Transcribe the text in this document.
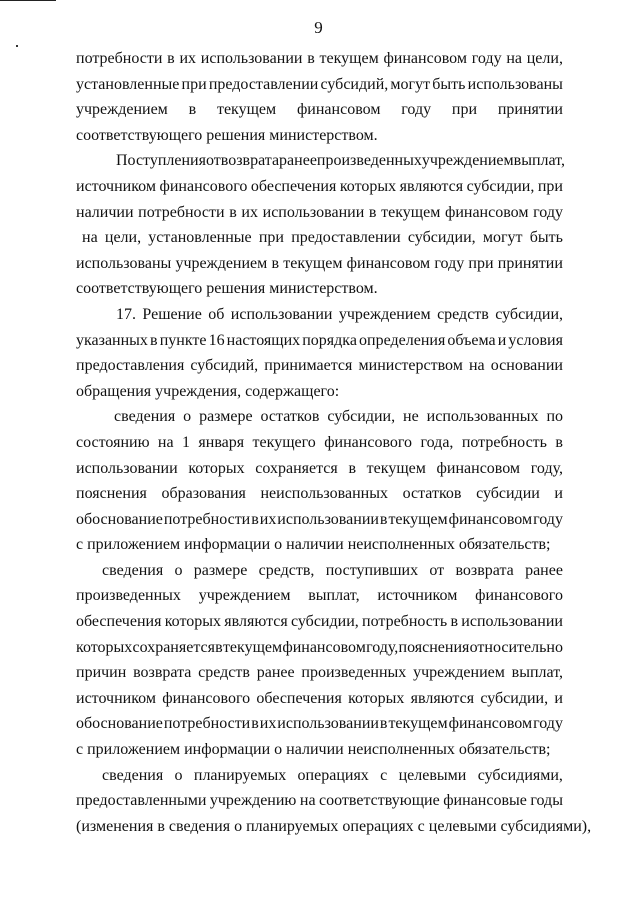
9
потребности в их использовании в текущем финансовом году на цели,
установленные при предоставлении субсидий, могут быть использованы
учреждением в текущем финансовом году при принятии
соответствующего решения министерством.
Поступления от возврата ранее произведенных учреждением выплат,
источником финансового обеспечения которых являются субсидии, при
наличии потребности в их использовании в текущем финансовом году
на цели, установленные при предоставлении субсидии, могут быть
использованы учреждением в текущем финансовом году при принятии
соответствующего решения министерством.
17. Решение об использовании учреждением средств субсидии,
указанных в пункте 16 настоящих порядка определения объема и условия
предоставления субсидий, принимается министерством на основании
обращения учреждения, содержащего:
сведения о размере остатков субсидии, не использованных по
состоянию на 1 января текущего финансового года, потребность в
использовании которых сохраняется в текущем финансовом году,
пояснения образования неиспользованных остатков субсидии и
обоснование потребности в их использовании в текущем финансовом году
с приложением информации о наличии неисполненных обязательств;
сведения о размере средств, поступивших от возврата ранее
произведенных учреждением выплат, источником финансового
обеспечения которых являются субсидии, потребность в использовании
которых сохраняется в текущем финансовом году, пояснения относительно
причин возврата средств ранее произведенных учреждением выплат,
источником финансового обеспечения которых являются субсидии, и
обоснование потребности в их использовании в текущем финансовом году
с приложением информации о наличии неисполненных обязательств;
сведения о планируемых операциях с целевыми субсидиями,
предоставленными учреждению на соответствующие финансовые годы
(изменения в сведения о планируемых операциях с целевыми субсидиями),
